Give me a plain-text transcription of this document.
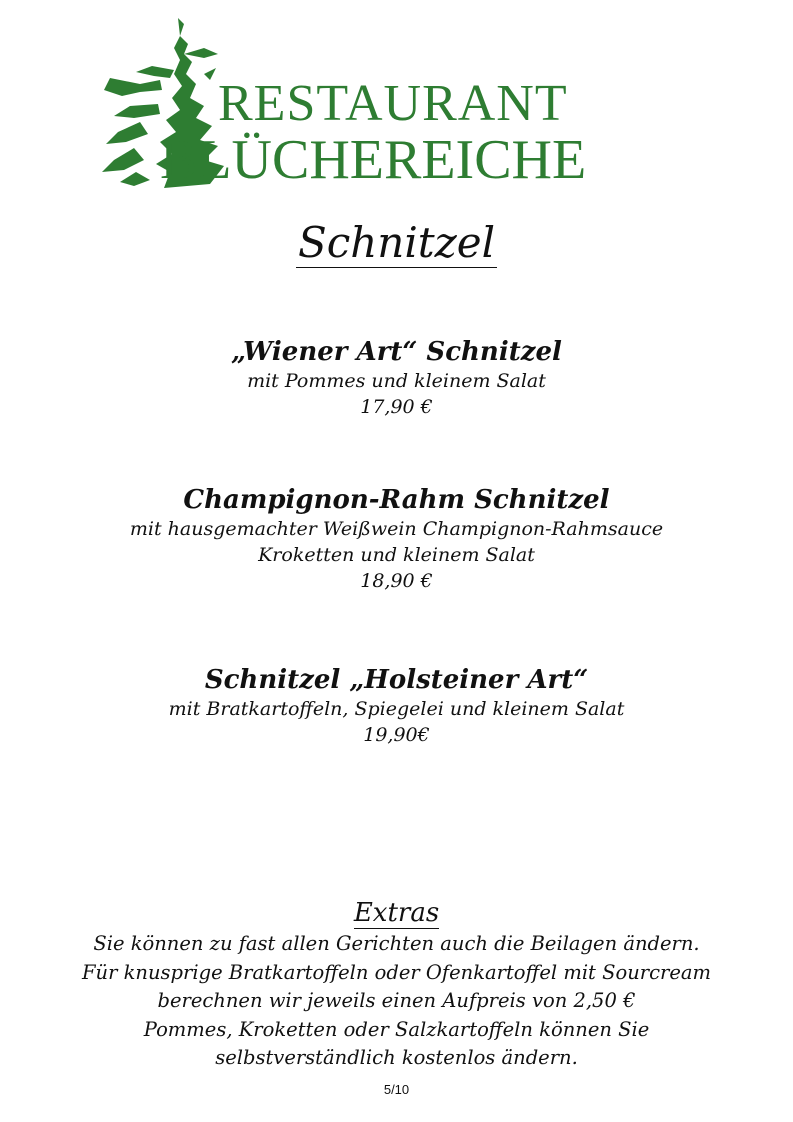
RESTAURANT
BLÜCHEREICHE
Schnitzel
„Wiener Art“ Schnitzel
mit Pommes und kleinem Salat
17,90 €
Champignon-Rahm Schnitzel
mit hausgemachter Weißwein Champignon-Rahmsauce
Kroketten und kleinem Salat
18,90 €
Schnitzel „Holsteiner Art“
mit Bratkartoffeln, Spiegelei und kleinem Salat
19,90€
Extras
Sie können zu fast allen Gerichten auch die Beilagen ändern.
Für knusprige Bratkartoffeln oder Ofenkartoffel mit Sourcream
berechnen wir jeweils einen Aufpreis von 2,50 €
Pommes, Kroketten oder Salzkartoffeln können Sie
selbstverständlich kostenlos ändern.
5/10
